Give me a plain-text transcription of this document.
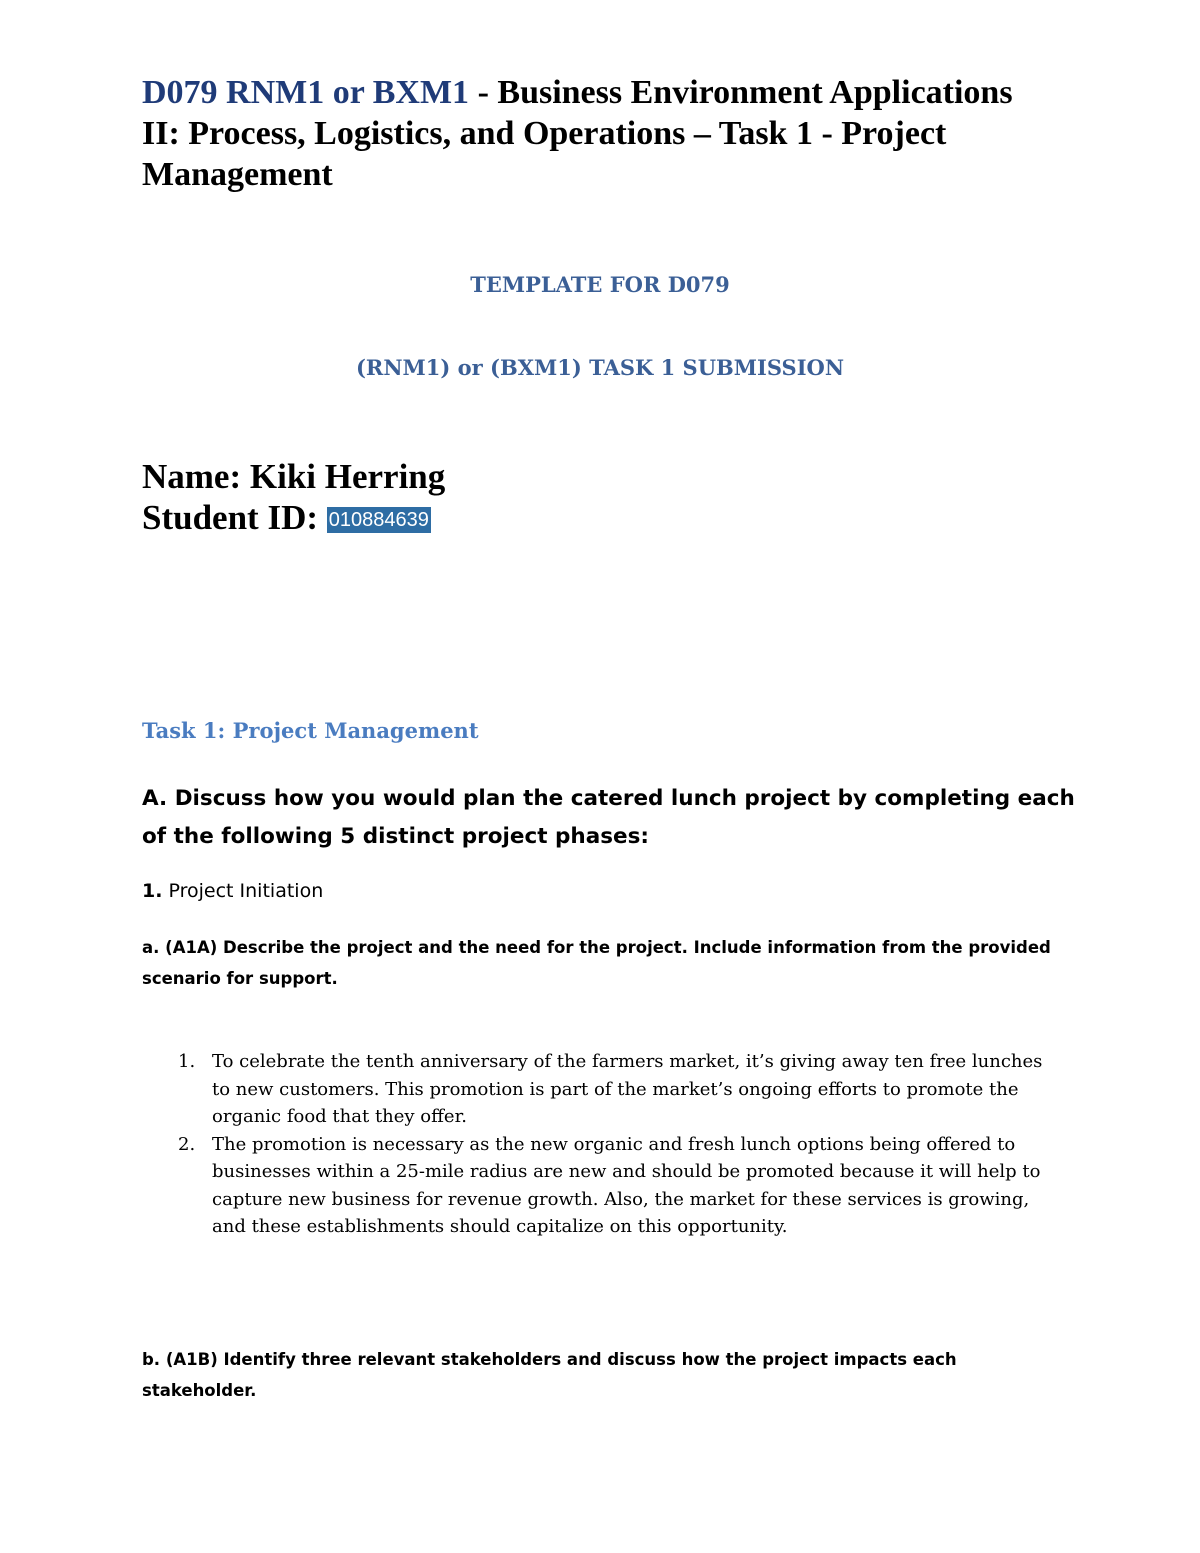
D079 RNM1 or BXM1 - Business Environment Applications II: Process, Logistics, and Operations – Task 1 - Project Management

TEMPLATE FOR D079

(RNM1) or (BXM1) TASK 1 SUBMISSION

Name: Kiki Herring
Student ID: 010884639
Task 1: Project Management

A. Discuss how you would plan the catered lunch project by completing each of the following 5 distinct project phases:

1. Project Initiation

a. (A1A) Describe the project and the need for the project. Include information from the provided scenario for support.

1. To celebrate the tenth anniversary of the farmers market, it’s giving away ten free lunches to new customers. This promotion is part of the market’s ongoing efforts to promote the organic food that they offer.
2. The promotion is necessary as the new organic and fresh lunch options being offered to businesses within a 25-mile radius are new and should be promoted because it will help to capture new business for revenue growth. Also, the market for these services is growing, and these establishments should capitalize on this opportunity.

b. (A1B) Identify three relevant stakeholders and discuss how the project impacts each stakeholder.
